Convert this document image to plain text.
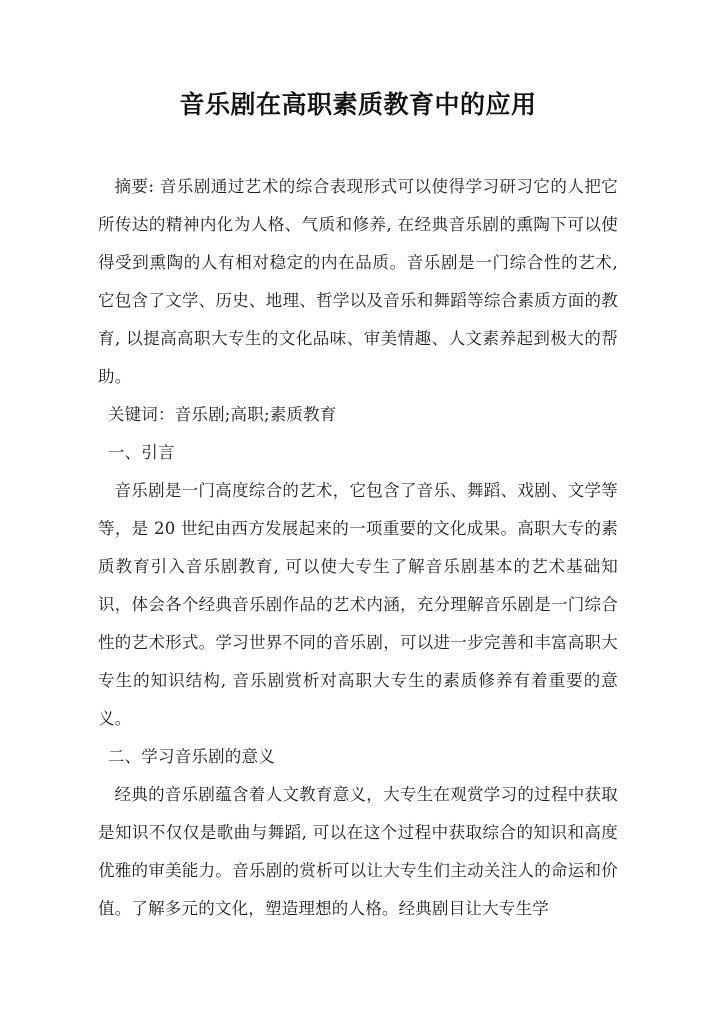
音乐剧在高职素质教育中的应用

摘要: 音乐剧通过艺术的综合表现形式可以使得学习研习它的人把它所传达的精神内化为人格、气质和修养, 在经典音乐剧的熏陶下可以使得受到熏陶的人有相对稳定的内在品质。音乐剧是一门综合性的艺术, 它包含了文学、历史、地理、哲学以及音乐和舞蹈等综合素质方面的教育, 以提高高职大专生的文化品味、审美情趣、人文素养起到极大的帮助。

关键词：音乐剧;高职;素质教育

一、引言

音乐剧是一门高度综合的艺术，它包含了音乐、舞蹈、戏剧、文学等等，是 20 世纪由西方发展起来的一项重要的文化成果。高职大专的素质教育引入音乐剧教育, 可以使大专生了解音乐剧基本的艺术基础知识，体会各个经典音乐剧作品的艺术内涵，充分理解音乐剧是一门综合性的艺术形式。学习世界不同的音乐剧，可以进一步完善和丰富高职大专生的知识结构, 音乐剧赏析对高职大专生的素质修养有着重要的意义。

二、学习音乐剧的意义

经典的音乐剧蕴含着人文教育意义，大专生在观赏学习的过程中获取是知识不仅仅是歌曲与舞蹈, 可以在这个过程中获取综合的知识和高度优雅的审美能力。音乐剧的赏析可以让大专生们主动关注人的命运和价值。了解多元的文化，塑造理想的人格。经典剧目让大专生学
